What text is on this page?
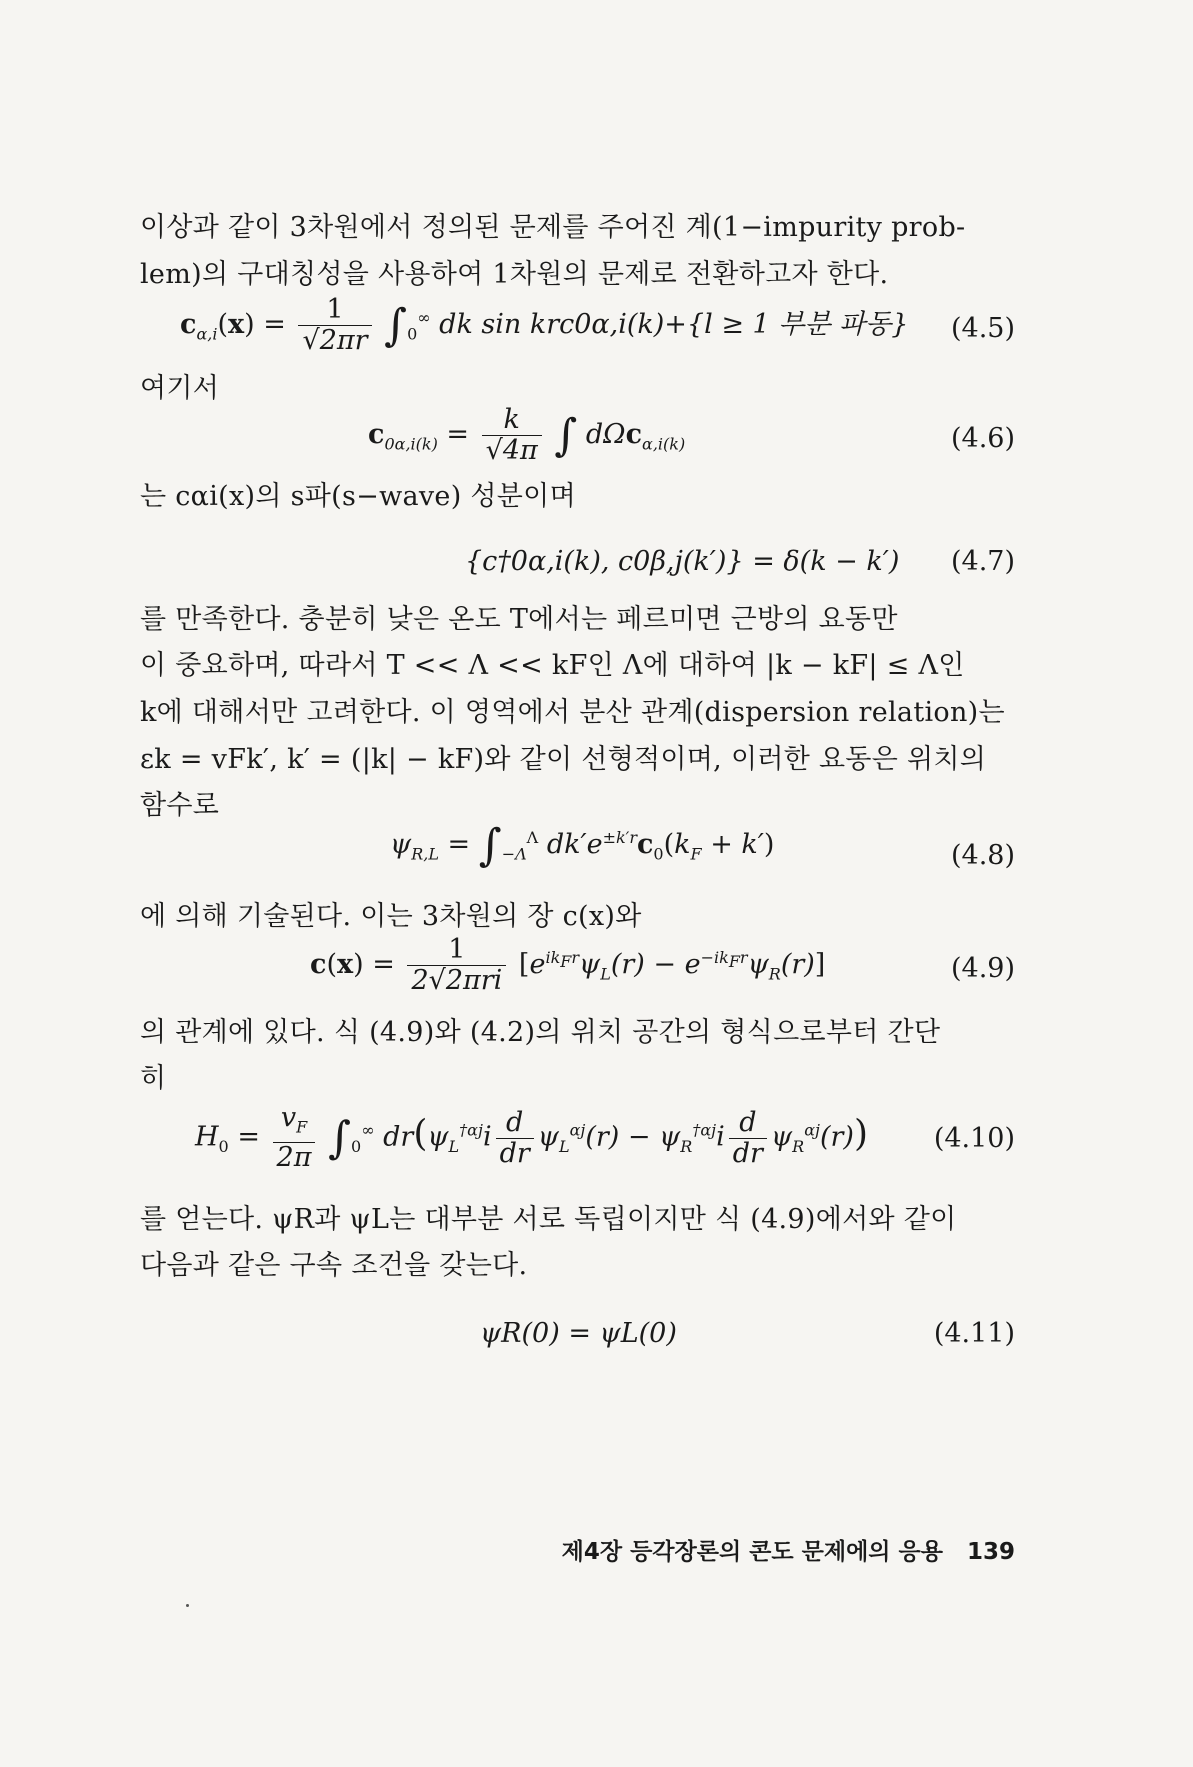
이상과 같이 3차원에서 정의된 문제를 주어진 계(1−impurity prob-
lem)의 구대칭성을 사용하여 1차원의 문제로 전환하고자 한다.
$c_{\alpha,i}(x) = \frac{1}{√2\pi r} \int_0^\infty$ dk sin krc0α,i(k)+{l ≥ 1 부분 파동} (4.5)
여기서
$c_{0\alpha,i(k)} = \frac{k}{√4\pi}$ ∫ dΩc$_{\alpha,i(k)}$	(4.6)
는 cαi(x)의 s파(s−wave) 성분이며
{c†0α,i(k), c0β,j(k′)} = δ(k − k′) (4.7)
를 만족한다. 충분히 낮은 온도 T에서는 페르미면 근방의 요동만
이 중요하며, 따라서 T << Λ << kF인 Λ에 대하여 |k − kF| ≤ Λ인
k에 대해서만 고려한다. 이 영역에서 분산 관계(dispersion relation)는
εk = vFk′, k′ = (|k| − kF)와 같이 선형적이며, 이러한 요동은 위치의
함수로
$\psi_{R,L} = \int_{-\Lambda}^\Lambda$ $dk'e^{\pm k'r}c_0(k_F + k')$	(4.8)
에 의해 기술된다. 이는 3차원의 장 c(x)와
$c(x) = \frac{1}{\text{2√2πri}} [e^{ik_Fr}\psi_L(r) - e^{-ik_Fr}\psi_R(r)]$	(4.9)
의 관계에 있다. 식 (4.9)와 (4.2)의 위치 공간의 형식으로부터 간단
히
$H_0 = \frac{v_F}{2\pi} \int_0^\infty$ $dr(\psi_L^{\dagger\alpha j}i \frac{d}{dr} \psi_L^{\alpha j}(r) - \psi_R^{\dagger\alpha j}i \frac{d}{dr} \psi_R^{\alpha j}(r))$ (4.10)
를 얻는다. ψR과 ψL는 대부분 서로 독립이지만 식 (4.9)에서와 같이
다음과 같은 구속 조건을 갖는다.
ψR(0) = ψL(0)	(4.11)
제4장 등각장론의 콘도 문제에의 응용 139
